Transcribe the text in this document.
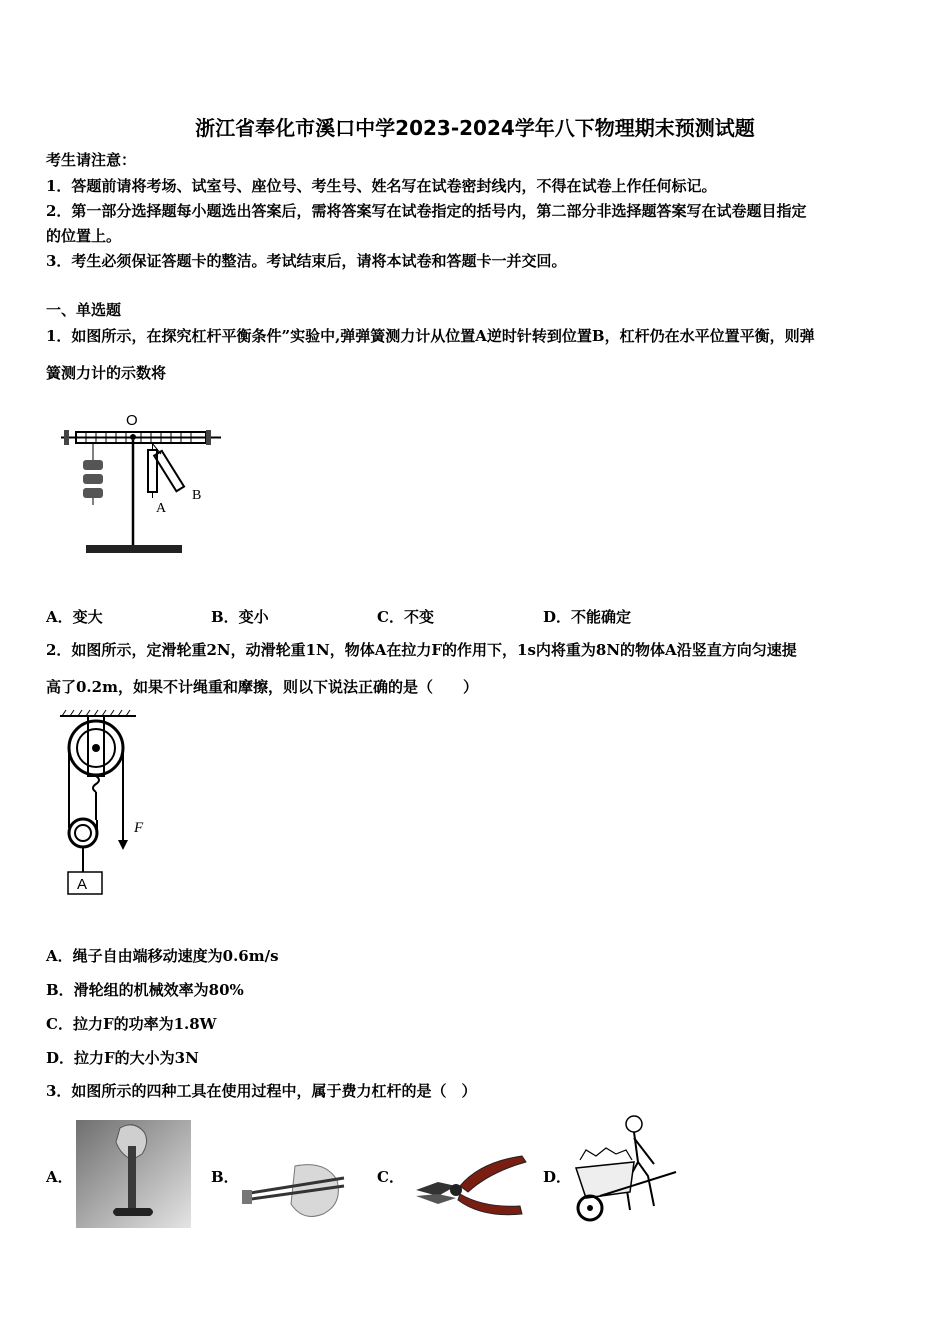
浙江省奉化市溪口中学2023-2024学年八下物理期末预测试题
考生请注意：
1．答题前请将考场、试室号、座位号、考生号、姓名写在试卷密封线内，不得在试卷上作任何标记。
2．第一部分选择题每小题选出答案后，需将答案写在试卷指定的括号内，第二部分非选择题答案写在试卷题目指定
的位置上。
3．考生必须保证答题卡的整洁。考试结束后，请将本试卷和答题卡一并交回。
一、单选题
1．如图所示，在探究杠杆平衡条件”实验中,弹弹簧测力计从位置A逆时针转到位置B，杠杆仍在水平位置平衡，则弹
簧测力计的示数将
O
A
B
A．变大	B．变小	C．不变	D．不能确定
2．如图所示，定滑轮重2N，动滑轮重1N，物体A在拉力F的作用下，1s内将重为8N的物体A沿竖直方向匀速提
高了0.2m，如果不计绳重和摩擦，则以下说法正确的是（　　）
A
F
A．绳子自由端移动速度为0.6m/s
B．滑轮组的机械效率为80%
C．拉力F的功率为1.8W
D．拉力F的大小为3N
3．如图所示的四种工具在使用过程中，属于费力杠杆的是（　）
A．	B．	C．	D．
